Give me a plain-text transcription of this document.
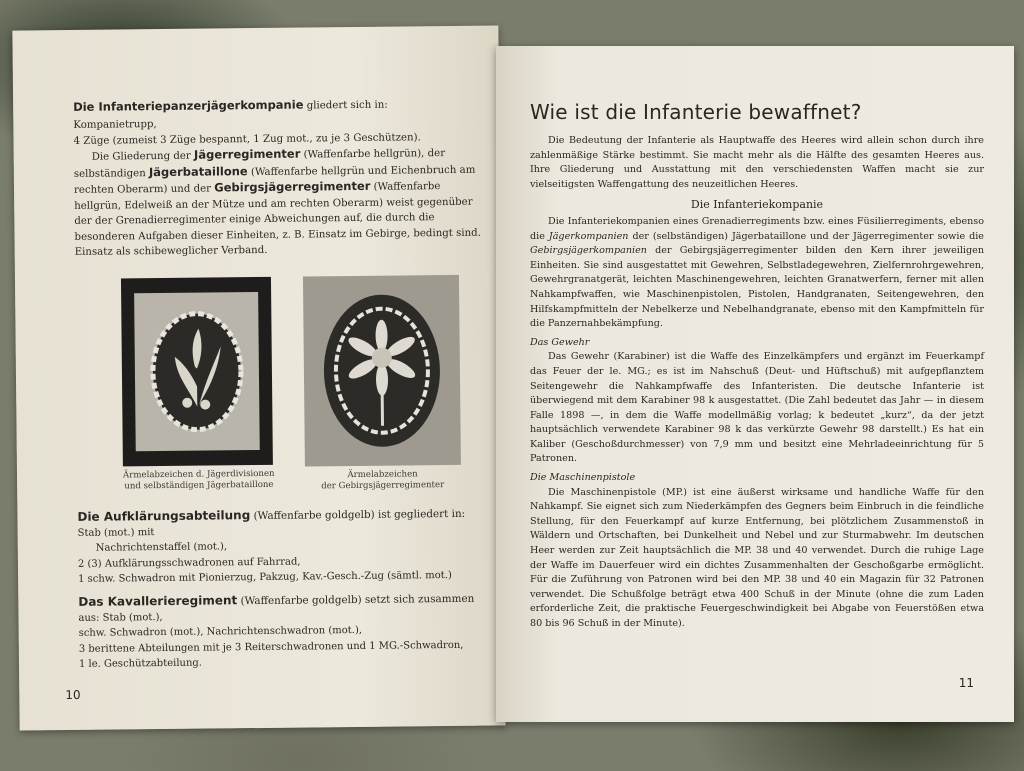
Die Infanteriepanzerjägerkompanie gliedert sich in:

Kompanietrupp,

4 Züge (zumeist 3 Züge bespannt, 1 Zug mot., zu je 3 Geschützen).

Die Gliederung der Jägerregimenter (Waffenfarbe hellgrün), der selbständigen Jägerbataillone (Waffenfarbe hellgrün und Eichenbruch am rechten Oberarm) und der Gebirgsjägerregimenter (Waffenfarbe hellgrün, Edelweiß an der Mütze und am rechten Oberarm) weist gegenüber der der Grenadierregimenter einige Abweichungen auf, die durch die besonderen Aufgaben dieser Einheiten, z. B. Einsatz im Gebirge, bedingt sind. Einsatz als schibeweglicher Verband.

Ärmelabzeichen d. Jägerdivisionen
und selbständigen Jägerbataillone
Ärmelabzeichen
der Gebirgsjägerregimenter
Die Aufklärungsabteilung (Waffenfarbe goldgelb) ist gegliedert in:
Stab (mot.) mit
Nachrichtenstaffel (mot.),
2 (3) Aufklärungsschwadronen auf Fahrrad,
1 schw. Schwadron mit Pionierzug, Pakzug, Kav.-Gesch.-Zug (sämtl. mot.)
Das Kavallerieregiment (Waffenfarbe goldgelb) setzt sich zusammen
aus: Stab (mot.),
schw. Schwadron (mot.), Nachrichtenschwadron (mot.),
3 berittene Abteilungen mit je 3 Reiterschwadronen und 1 MG.-Schwadron,
1 le. Geschützabteilung.
10
Wie ist die Infanterie bewaffnet?

Die Bedeutung der Infanterie als Hauptwaffe des Heeres wird allein schon durch ihre zahlenmäßige Stärke bestimmt. Sie macht mehr als die Hälfte des gesamten Heeres aus. Ihre Gliederung und Ausstattung mit den verschiedensten Waffen macht sie zur vielseitigsten Waffengattung des neuzeitlichen Heeres.

Die Infanteriekompanie

Die Infanteriekompanien eines Grenadierregiments bzw. eines Füsilierregiments, ebenso die Jägerkompanien der (selbständigen) Jägerbataillone und der Jägerregimenter sowie die Gebirgsjägerkompanien der Gebirgsjägerregimenter bilden den Kern ihrer jeweiligen Einheiten. Sie sind ausgestattet mit Gewehren, Selbstladegewehren, Zielfernrohrgewehren, Gewehrgranatgerät, leichten Maschinengewehren, leichten Granatwerfern, ferner mit allen Nahkampfwaffen, wie Maschinenpistolen, Pistolen, Handgranaten, Seitengewehren, den Hilfskampfmitteln der Nebelkerze und Nebelhandgranate, ebenso mit den Kampfmitteln für die Panzernahbekämpfung.

Das Gewehr

Das Gewehr (Karabiner) ist die Waffe des Einzelkämpfers und ergänzt im Feuerkampf das Feuer der le. MG.; es ist im Nahschuß (Deut- und Hüftschuß) mit aufgepflanztem Seitengewehr die Nahkampfwaffe des Infanteristen. Die deutsche Infanterie ist überwiegend mit dem Karabiner 98 k ausgestattet. (Die Zahl bedeutet das Jahr — in diesem Falle 1898 —, in dem die Waffe modellmäßig vorlag; k bedeutet „kurz“, da der jetzt hauptsächlich verwendete Karabiner 98 k das verkürzte Gewehr 98 darstellt.) Es hat ein Kaliber (Geschoßdurchmesser) von 7,9 mm und besitzt eine Mehrladeeinrichtung für 5 Patronen.

Die Maschinenpistole

Die Maschinenpistole (MP.) ist eine äußerst wirksame und handliche Waffe für den Nahkampf. Sie eignet sich zum Niederkämpfen des Gegners beim Einbruch in die feindliche Stellung, für den Feuerkampf auf kurze Entfernung, bei plötzlichem Zusammenstoß in Wäldern und Ortschaften, bei Dunkelheit und Nebel und zur Sturmabwehr. Im deutschen Heer werden zur Zeit hauptsächlich die MP. 38 und 40 verwendet. Durch die ruhige Lage der Waffe im Dauerfeuer wird ein dichtes Zusammenhalten der Geschoßgarbe ermöglicht. Für die Zuführung von Patronen wird bei den MP. 38 und 40 ein Magazin für 32 Patronen verwendet. Die Schußfolge beträgt etwa 400 Schuß in der Minute (ohne die zum Laden erforderliche Zeit, die praktische Feuergeschwindigkeit bei Abgabe von Feuerstößen etwa 80 bis 96 Schuß in der Minute).

11
